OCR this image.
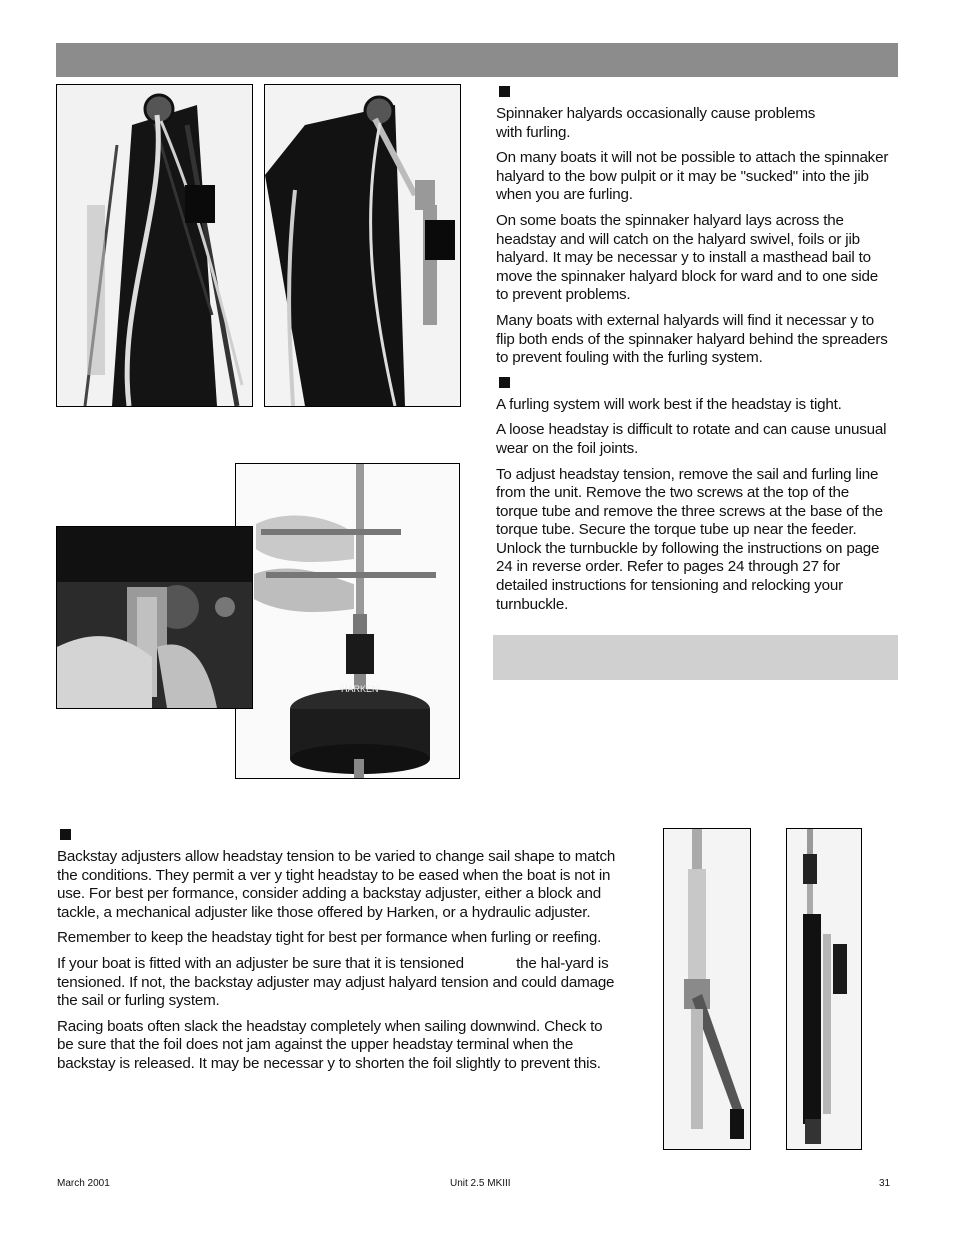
HARKEN

Spinnaker halyards occasionally cause problems with furling.

On many boats it will not be possible to attach the spinnaker halyard to the bow pulpit or it may be "sucked" into the jib when you are furling.

On some boats the spinnaker halyard lays across the headstay and will catch on the halyard swivel, foils or jib halyard. It may be necessar y to install a masthead bail to move the spinnaker halyard block for ward and to one side to prevent problems.

Many boats with external halyards will find it necessar y to flip both ends of the spinnaker halyard behind the spreaders to prevent fouling with the furling system.

A furling system will work best if the headstay is tight.

A loose headstay is difficult to rotate and can cause unusual wear on the foil joints.

To adjust headstay tension, remove the sail and furling line from the unit. Remove the two screws at the top of the torque tube and remove the three screws at the base of the torque tube. Secure the torque tube up near the feeder. Unlock the turnbuckle by following the instructions on page 24 in reverse order. Refer to pages 24 through 27 for detailed instructions for tensioning and relocking your turnbuckle.

Backstay adjusters allow headstay tension to be varied to change sail shape to match the conditions. They permit a ver y tight headstay to be eased when the boat is not in use. For best per formance, consider adding a backstay adjuster, either a block and tackle, a mechanical adjuster like those offered by Harken, or a hydraulic adjuster.

Remember to keep the headstay tight for best per formance when furling or reefing.

If your boat is fitted with an adjuster be sure that it is tensioned             the hal-yard is tensioned. If not, the backstay adjuster may adjust halyard tension and could damage the sail or furling system.

Racing boats often slack the headstay completely when sailing downwind. Check to be sure that the foil does not jam against the upper headstay terminal when the backstay is released. It may be necessar y to shorten the foil slightly to prevent this.

March 2001	Unit 2.5 MKIII	31
